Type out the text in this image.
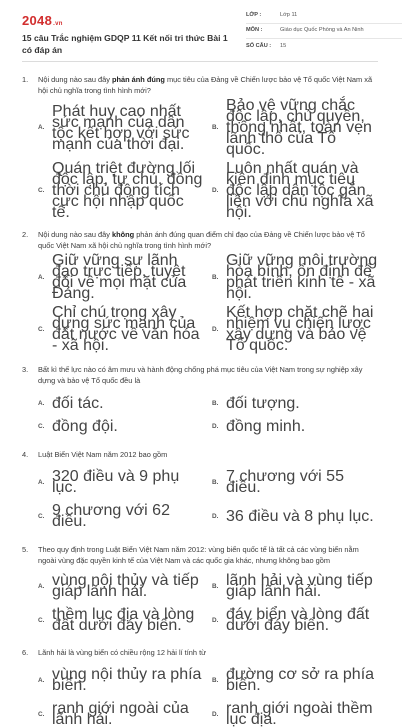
2048.vn
15 câu Trắc nghiệm GDQP 11 Kết nối tri thức Bài 1 có đáp án
LỚP :	Lớp 11
MÔN :	Giáo dục Quốc Phòng và An Ninh
SỐ CÂU :	15
1.	Nội dung nào sau đây phản ánh đúng mục tiêu của Đảng về Chiến lược bảo vệ Tổ quốc Việt Nam xã hội chủ nghĩa trong tình hình mới?
A.
Phát huy cao nhất sức mạnh của dân tộc kết hợp với sức mạnh của thời đại.
B.
Bảo vệ vững chắc độc lập, chủ quyền, thống nhất, toàn vẹn lãnh thổ của Tổ quốc.
C.
Quán triệt đường lối độc lập, tự chủ, đồng thời chủ động tích cực hội nhập quốc tế.
D.
Luôn nhất quán và kiên định mục tiêu độc lập dân tộc gắn liền với chủ nghĩa xã hội.
2.	Nội dung nào sau đây không phản ánh đúng quan điểm chỉ đạo của Đảng về Chiến lược bảo vệ Tổ quốc Việt Nam xã hội chủ nghĩa trong tình hình mới?
A.
Giữ vững sự lãnh đạo trực tiếp, tuyệt đối về mọi mặt của Đảng.
B.
Giữ vững môi trường hòa bình, ổn định để phát triển kinh tế - xã hội.
C.
Chỉ chú trọng xây dựng sức mạnh của đất nước về văn hóa - xã hội.
D.
Kết hợp chặt chẽ hai nhiệm vụ chiến lược xây dựng và bảo vệ Tổ quốc.
3.	Bất kì thế lực nào có âm mưu và hành động chống phá mục tiêu của Việt Nam trong sự nghiệp xây dựng và bảo vệ Tổ quốc đều là
A. đối tác.	B. đối tượng.
C. đồng đội.	D. đồng minh.
4.	Luật Biển Việt Nam năm 2012 bao gồm
A. 320 điều và 9 phụ lục.	B. 7 chương với 55 điều.
C. 9 chương với 62 điều.	D. 36 điều và 8 phụ lục.
5.	Theo quy định trong Luật Biển Việt Nam năm 2012: vùng biển quốc tế là tất cả các vùng biển nằm ngoài vùng đặc quyền kinh tế của Việt Nam và các quốc gia khác, nhưng không bao gồm
A. vùng nội thủy và tiếp giáp lãnh hải.	B. lãnh hải và vùng tiếp giáp lãnh hải.
C. thềm lục địa và lòng đất dưới đáy biển.	D. đáy biển và lòng đất dưới đáy biển.
6.	Lãnh hải là vùng biển có chiều rộng 12 hải lí tính từ
A. vùng nội thủy ra phía biển.	B. đường cơ sở ra phía biển.
C. ranh giới ngoài của lãnh hải.	D. ranh giới ngoài thềm lục địa.
